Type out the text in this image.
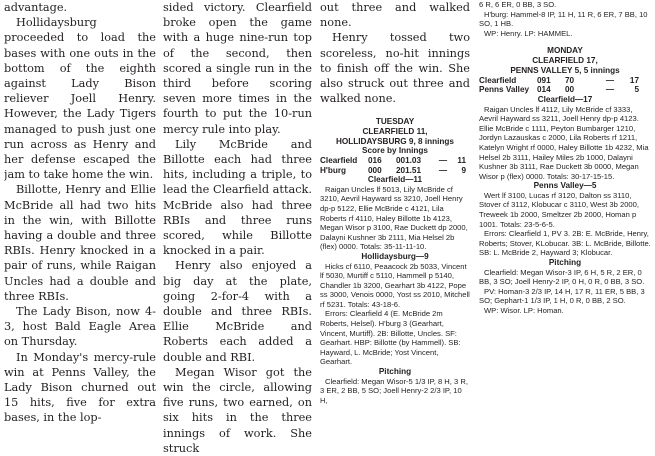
advantage.

Hollidaysburg proceeded to load the bases with one outs in the bottom of the eighth against Lady Bison reliever Joell Henry. However, the Lady Tigers managed to push just one run across as Henry and her defense escaped the jam to take home the win.

Billotte, Henry and Ellie McBride all had two hits in the win, with Billotte having a double and three RBIs. Henry knocked in a pair of runs, while Raigan Uncles had a double and three RBIs.

The Lady Bison, now 4-3, host Bald Eagle Area on Thursday.

In Monday's mercy-rule win at Penns Valley, the Lady Bison churned out 15 hits, five for extra bases, in the lop-

sided victory. Clearfield broke open the game with a huge nine-run top of the second, then scored a single run in the third before scoring seven more times in the fourth to put the 10-run mercy rule into play.

Lily McBride and Billotte each had three hits, including a triple, to lead the Clearfield attack. McBride also had three RBIs and three runs scored, while Billotte knocked in a pair.

Henry also enjoyed a big day at the plate, going 2-for-4 with a double and three RBIs. Ellie McBride and Roberts each added a double and RBI.

Megan Wisor got the win the circle, allowing five runs, two earned, on six hits in the three innings of work. She struck

out three and walked none.

Henry tossed two scoreless, no-hit innings to finish off the win. She also struck out three and walked none.

TUESDAY

CLEARFIELD 11,

HOLLIDAYSBURG 9, 8 innings

Score by Innings

Clearfield	016	001.03	—	11
H'burg	000	201.51	—	9

Clearfield—11

Raigan Uncles lf 5013, Lily McBride cf 3210, Aevril Hayward ss 3210, Joell Henry dp-p 5122, Ellie McBride c 4121, Lila Roberts rf 4110, Haley Billotte 1b 4123, Megan Wisor p 3100, Rae Duckett dp 2000, Dalayni Kushner 3b 2111, Mia Helsel 2b (flex) 0000. Totals: 35-11-11-10.

Hollidaysburg—9

Hicks cf 6110, Peaacock 2b 5033, Vincent lf 5030, Murtiff c 5110, Hammell p 5140, Chandler 1b 3200, Gearhart 3b 4122, Pope ss 3000, Venois 0000, Yost ss 2010, Mitchell rf 5231. Totals: 43-18-6.

Errors: Clearfield 4 (E. McBride 2m Roberts, Helsel). H'burg 3 (Gearhart, Vincent, Murtiff). 2B: Billotte, Uncles. SF: Gearhart. HBP: Billotte (by Hammell). SB: Hayward, L. McBride; Yost Vincent, Gearhart.

Pitching

Clearfield: Megan Wisor-5 1/3 IP, 8 H, 3 R, 3 ER, 2 BB, 5 SO; Joell Henry-2 2/3 IP, 10 H,

6 R, 6 ER, 0 BB, 3 SO.

H'burg: Hammel-8 IP, 11 H, 11 R, 6 ER, 7 BB, 10 SO, 1 HB.

WP: Henry. LP: HAMMEL.

MONDAY

CLEARFIELD 17,

PENNS VALLEY 5, 5 innings

Clearfield	091	70	—	17
Penns Valley 014	00	—	5

Clearfield—17

Raigan Uncles lf 4112, Lily McBride cf 3333, Aevril Hayward ss 3211, Joell Henry dp-p 4123. Ellie McBride c 1111, Peyton Bumbarger 1210, Jordyn Lazauskas c 2000, Lila Roberts rf 1211, Katelyn Wright rf 0000, Haley Billotte 1b 4232, Mia Helsel 2b 3111, Hailey Miles 2b 1000, Dalayni Kushner 3b 3111, Rae Duckett 3b 0000, Megan Wisor p (flex) 0000. Totals: 30-17-15-15.

Penns Valley—5

Wert lf 3100, Lucas rf 3120, Dalton ss 3110, Stover cf 3112, Klobucar c 3110, West 3b 2000, Treweek 1b 2000, Smeltzer 2b 2000, Homan p 1001. Totals: 23-5-6-5.

Errors: Clearfield 1, PV 3. 2B: E. McBride, Henry, Roberts; Stover, KLobucar. 3B: L. McBride, Billotte. SB: L. McBride 2, Hayward 3; Klobucar.

Pitching

Clearfield: Megan Wisor-3 IP, 6 H, 5 R, 2 ER, 0 BB, 3 SO; Joell Henry-2 IP, 0 H, 0 R, 0 BB, 3 SO.

PV: Homan-3 2/3 IP, 14 H, 17 R, 11 ER, 5 BB, 3 SO; Gephart-1 1/3 IP, 1 H, 0 R, 0 BB, 2 SO.

WP: Wisor. LP: Homan.
